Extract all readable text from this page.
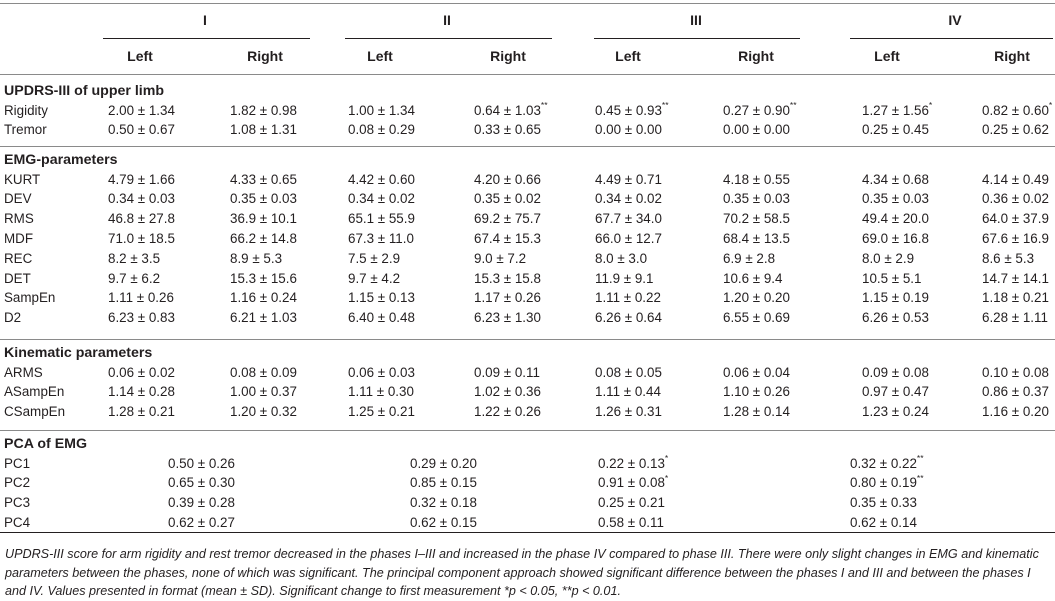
I	II	III	IV
Left	Right	Left	Right	Left	Right	Left	Right
UPDRS-III of upper limb
Rigidity	2.00 ± 1.34	1.82 ± 0.98	1.00 ± 1.34	0.64 ± 1.03**	0.45 ± 0.93**	0.27 ± 0.90**	1.27 ± 1.56*	0.82 ± 0.60*
Tremor	0.50 ± 0.67	1.08 ± 1.31	0.08 ± 0.29	0.33 ± 0.65	0.00 ± 0.00	0.00 ± 0.00	0.25 ± 0.45	0.25 ± 0.62
EMG-parameters
KURT	4.79 ± 1.66	4.33 ± 0.65	4.42 ± 0.60	4.20 ± 0.66	4.49 ± 0.71	4.18 ± 0.55	4.34 ± 0.68	4.14 ± 0.49
DEV	0.34 ± 0.03	0.35 ± 0.03	0.34 ± 0.02	0.35 ± 0.02	0.34 ± 0.02	0.35 ± 0.03	0.35 ± 0.03	0.36 ± 0.02
RMS	46.8 ± 27.8	36.9 ± 10.1	65.1 ± 55.9	69.2 ± 75.7	67.7 ± 34.0	70.2 ± 58.5	49.4 ± 20.0	64.0 ± 37.9
MDF	71.0 ± 18.5	66.2 ± 14.8	67.3 ± 11.0	67.4 ± 15.3	66.0 ± 12.7	68.4 ± 13.5	69.0 ± 16.8	67.6 ± 16.9
REC	8.2 ± 3.5	8.9 ± 5.3	7.5 ± 2.9	9.0 ± 7.2	8.0 ± 3.0	6.9 ± 2.8	8.0 ± 2.9	8.6 ± 5.3
DET	9.7 ± 6.2	15.3 ± 15.6	9.7 ± 4.2	15.3 ± 15.8	11.9 ± 9.1	10.6 ± 9.4	10.5 ± 5.1	14.7 ± 14.1
SampEn	1.11 ± 0.26	1.16 ± 0.24	1.15 ± 0.13	1.17 ± 0.26	1.11 ± 0.22	1.20 ± 0.20	1.15 ± 0.19	1.18 ± 0.21
D2	6.23 ± 0.83	6.21 ± 1.03	6.40 ± 0.48	6.23 ± 1.30	6.26 ± 0.64	6.55 ± 0.69	6.26 ± 0.53	6.28 ± 1.11
Kinematic parameters
ARMS	0.06 ± 0.02	0.08 ± 0.09	0.06 ± 0.03	0.09 ± 0.11	0.08 ± 0.05	0.06 ± 0.04	0.09 ± 0.08	0.10 ± 0.08
ASampEn	1.14 ± 0.28	1.00 ± 0.37	1.11 ± 0.30	1.02 ± 0.36	1.11 ± 0.44	1.10 ± 0.26	0.97 ± 0.47	0.86 ± 0.37
CSampEn	1.28 ± 0.21	1.20 ± 0.32	1.25 ± 0.21	1.22 ± 0.26	1.26 ± 0.31	1.28 ± 0.14	1.23 ± 0.24	1.16 ± 0.20
PCA of EMG
PC1	0.50 ± 0.26	0.29 ± 0.20	0.22 ± 0.13*	0.32 ± 0.22**
PC2	0.65 ± 0.30	0.85 ± 0.15	0.91 ± 0.08*	0.80 ± 0.19**
PC3	0.39 ± 0.28	0.32 ± 0.18	0.25 ± 0.21	0.35 ± 0.33
PC4	0.62 ± 0.27	0.62 ± 0.15	0.58 ± 0.11	0.62 ± 0.14
UPDRS-III score for arm rigidity and rest tremor decreased in the phases I–III and increased in the phase IV compared to phase III. There were only slight changes in EMG and kinematic parameters between the phases, none of which was significant. The principal component approach showed significant difference between the phases I and III and between the phases I and IV. Values presented in format (mean ± SD). Significant change to first measurement *p < 0.05, **p < 0.01.
